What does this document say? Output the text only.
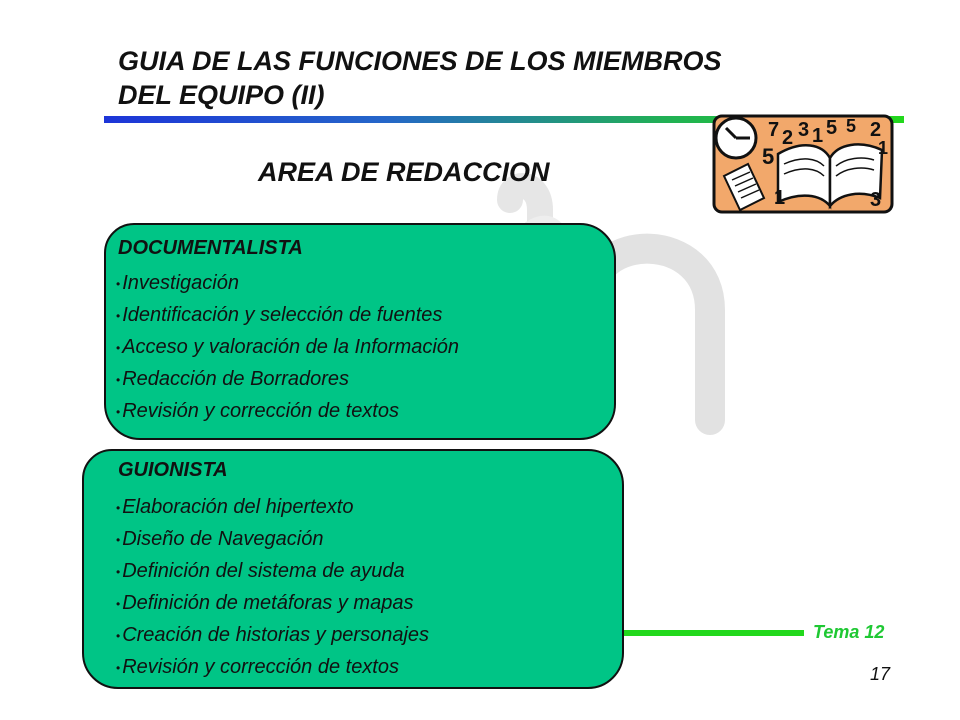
GUIA DE LAS FUNCIONES DE LOS MIEMBROS
DEL EQUIPO (II)
7 2 3 1 5
5
2
1
5
1	3
AREA DE REDACCION
DOCUMENTALISTA
• Investigación
• Identificación y selección de fuentes
• Acceso y valoración de la Información
• Redacción de Borradores
• Revisión y corrección de textos
Tema 12
GUIONISTA
• Elaboración del hipertexto
• Diseño de Navegación
• Definición del sistema de ayuda
• Definición de metáforas y mapas
• Creación de historias y personajes
• Revisión y corrección de textos	17
